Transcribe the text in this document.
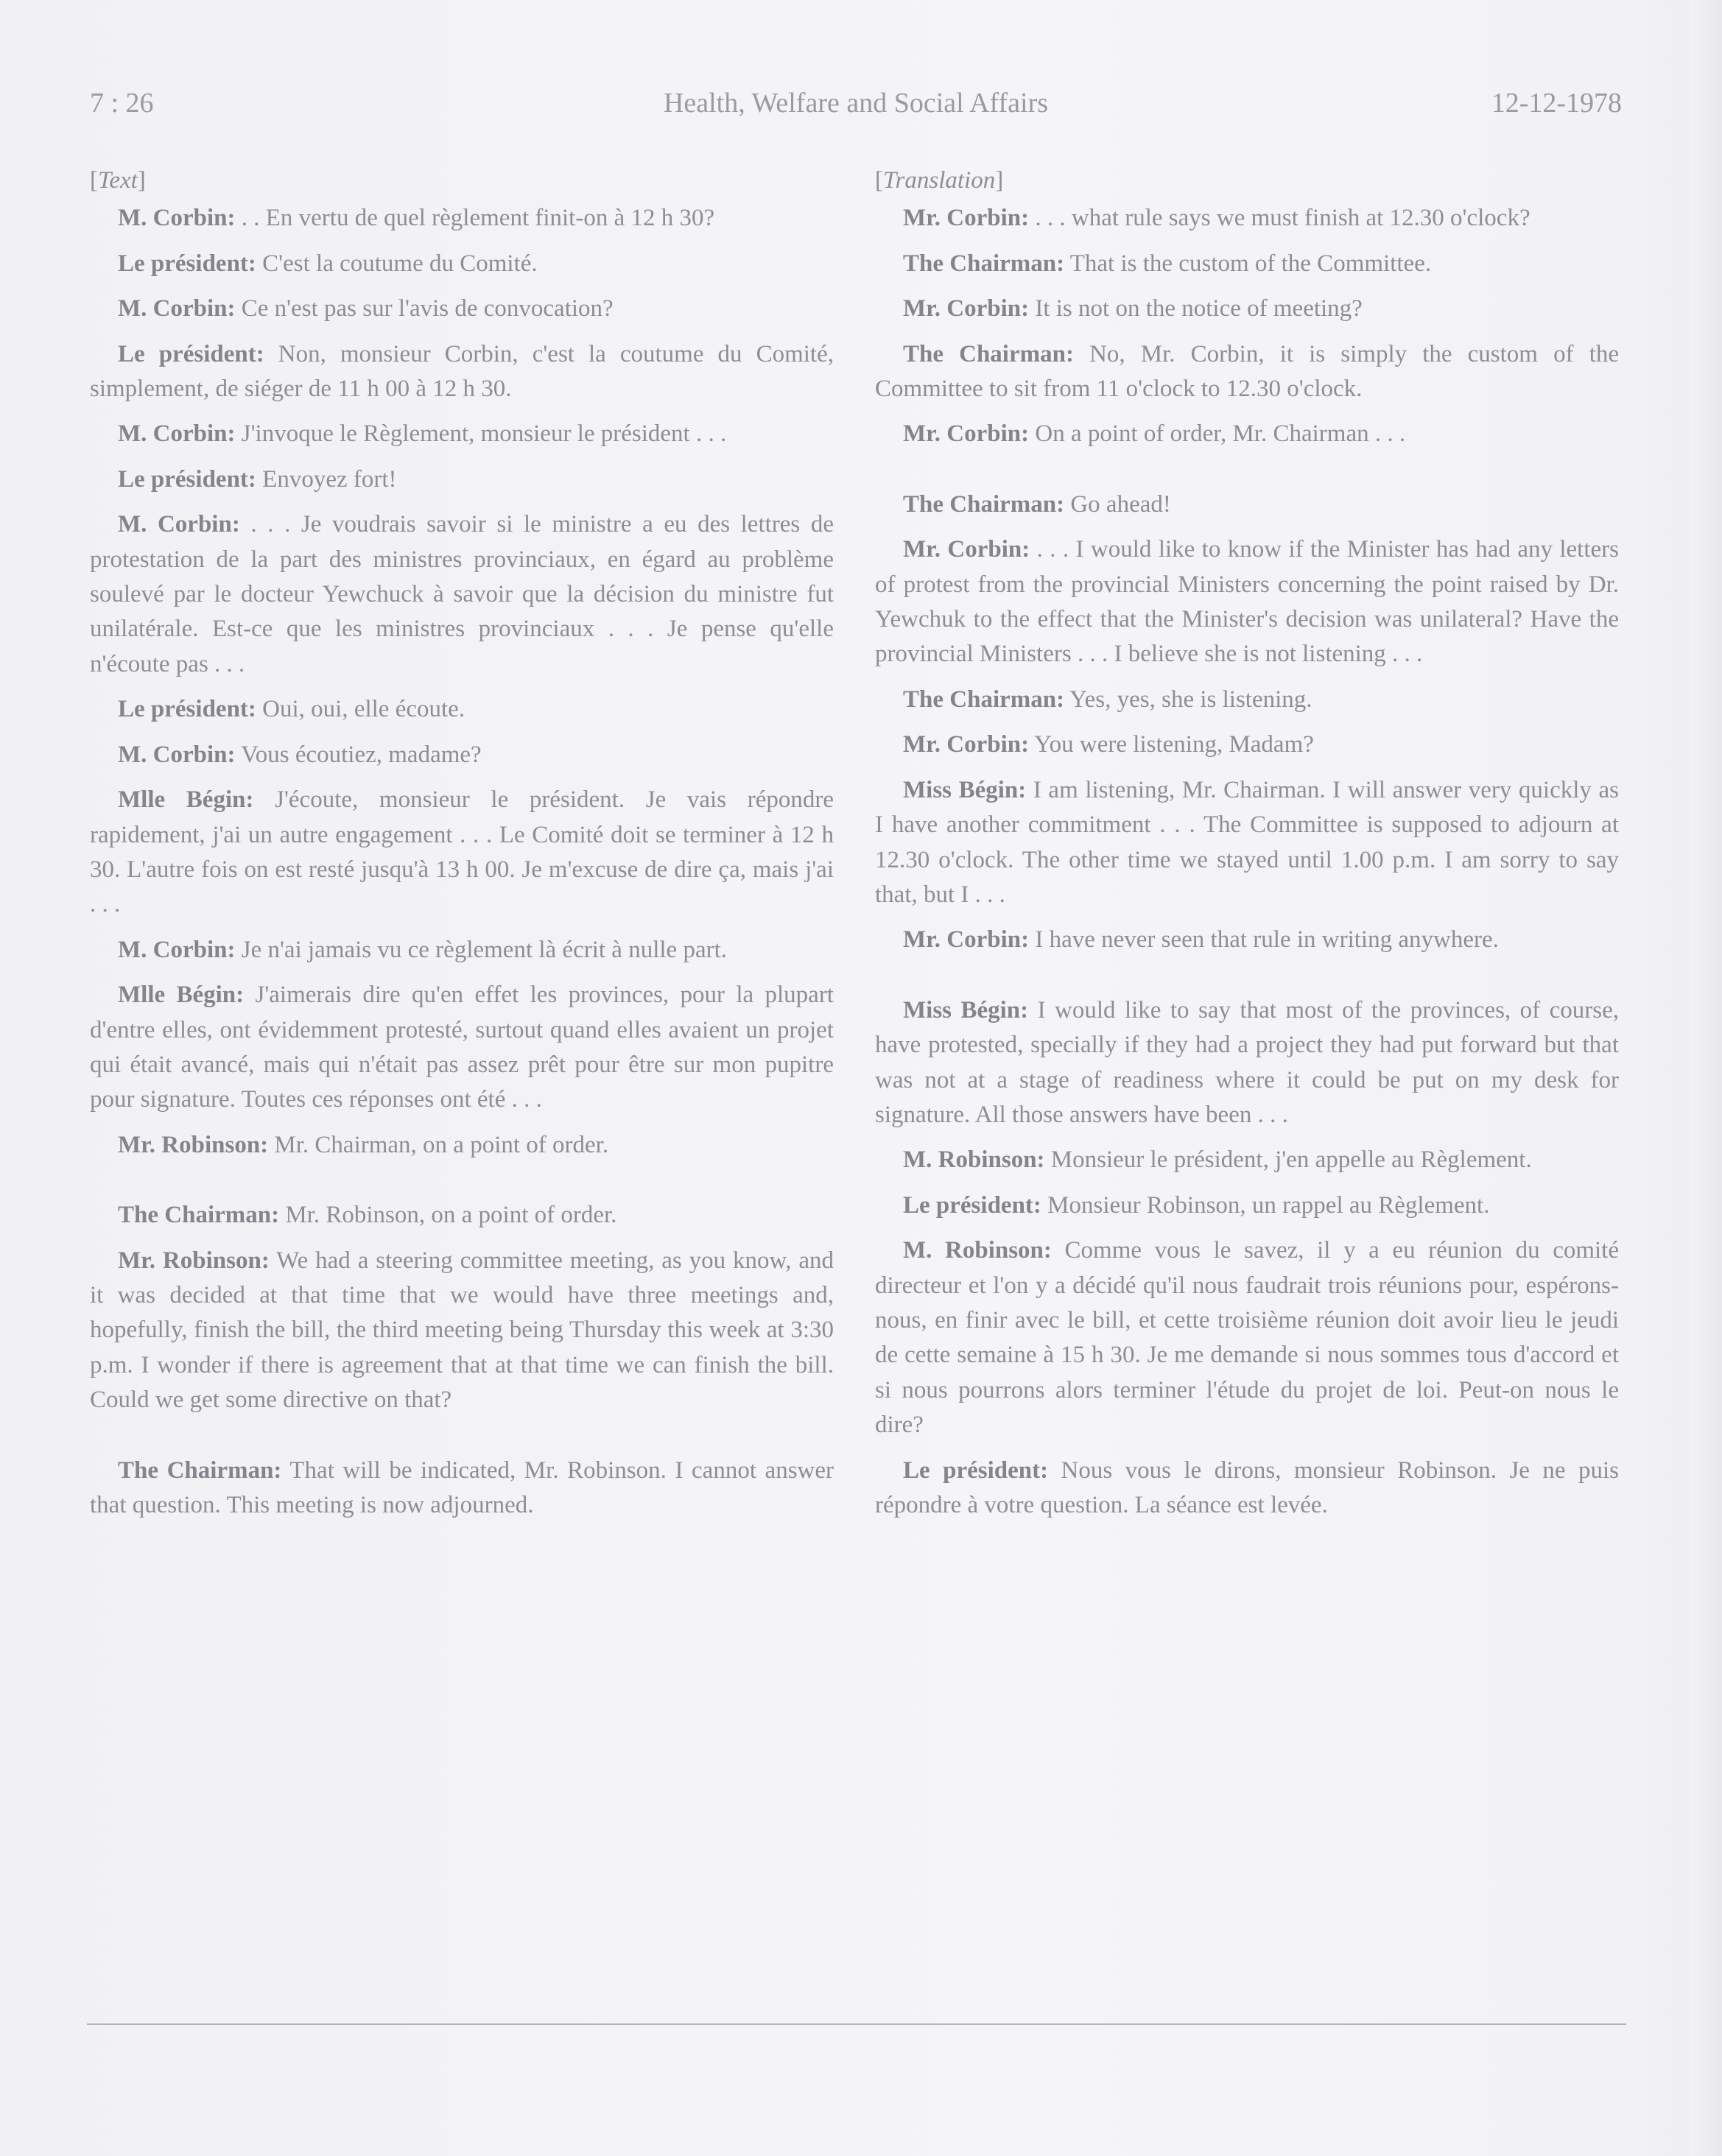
7 : 26	Health, Welfare and Social Affairs	12-12-1978

[Text]

M. Corbin: . . En vertu de quel règlement finit-on à 12 h 30?

Le président: C'est la coutume du Comité.

M. Corbin: Ce n'est pas sur l'avis de convocation?

Le président: Non, monsieur Corbin, c'est la coutume du Comité, simplement, de siéger de 11 h 00 à 12 h 30.

M. Corbin: J'invoque le Règlement, monsieur le président . . .

Le président: Envoyez fort!

M. Corbin: . . . Je voudrais savoir si le ministre a eu des lettres de protestation de la part des ministres provinciaux, en égard au problème soulevé par le docteur Yewchuck à savoir que la décision du ministre fut unilatérale. Est-ce que les ministres provinciaux . . . Je pense qu'elle n'écoute pas . . .

Le président: Oui, oui, elle écoute.

M. Corbin: Vous écoutiez, madame?

Mlle Bégin: J'écoute, monsieur le président. Je vais répondre rapidement, j'ai un autre engagement . . . Le Comité doit se terminer à 12 h 30. L'autre fois on est resté jusqu'à 13 h 00. Je m'excuse de dire ça, mais j'ai . . .

M. Corbin: Je n'ai jamais vu ce règlement là écrit à nulle part.

Mlle Bégin: J'aimerais dire qu'en effet les provinces, pour la plupart d'entre elles, ont évidemment protesté, surtout quand elles avaient un projet qui était avancé, mais qui n'était pas assez prêt pour être sur mon pupitre pour signature. Toutes ces réponses ont été . . .

Mr. Robinson: Mr. Chairman, on a point of order.

The Chairman: Mr. Robinson, on a point of order.

Mr. Robinson: We had a steering committee meeting, as you know, and it was decided at that time that we would have three meetings and, hopefully, finish the bill, the third meeting being Thursday this week at 3:30 p.m. I wonder if there is agreement that at that time we can finish the bill. Could we get some directive on that?

The Chairman: That will be indicated, Mr. Robinson. I cannot answer that question. This meeting is now adjourned.

[Translation]

Mr. Corbin: . . . what rule says we must finish at 12.30 o'clock?

The Chairman: That is the custom of the Committee.

Mr. Corbin: It is not on the notice of meeting?

The Chairman: No, Mr. Corbin, it is simply the custom of the Committee to sit from 11 o'clock to 12.30 o'clock.

Mr. Corbin: On a point of order, Mr. Chairman . . .

The Chairman: Go ahead!

Mr. Corbin: . . . I would like to know if the Minister has had any letters of protest from the provincial Ministers concerning the point raised by Dr. Yewchuk to the effect that the Minister's decision was unilateral? Have the provincial Ministers . . . I believe she is not listening . . .

The Chairman: Yes, yes, she is listening.

Mr. Corbin: You were listening, Madam?

Miss Bégin: I am listening, Mr. Chairman. I will answer very quickly as I have another commitment . . . The Committee is supposed to adjourn at 12.30 o'clock. The other time we stayed until 1.00 p.m. I am sorry to say that, but I . . .

Mr. Corbin: I have never seen that rule in writing anywhere.

Miss Bégin: I would like to say that most of the provinces, of course, have protested, specially if they had a project they had put forward but that was not at a stage of readiness where it could be put on my desk for signature. All those answers have been . . .

M. Robinson: Monsieur le président, j'en appelle au Règlement.

Le président: Monsieur Robinson, un rappel au Règlement.

M. Robinson: Comme vous le savez, il y a eu réunion du comité directeur et l'on y a décidé qu'il nous faudrait trois réunions pour, espérons-nous, en finir avec le bill, et cette troisième réunion doit avoir lieu le jeudi de cette semaine à 15 h 30. Je me demande si nous sommes tous d'accord et si nous pourrons alors terminer l'étude du projet de loi. Peut-on nous le dire?

Le président: Nous vous le dirons, monsieur Robinson. Je ne puis répondre à votre question. La séance est levée.
